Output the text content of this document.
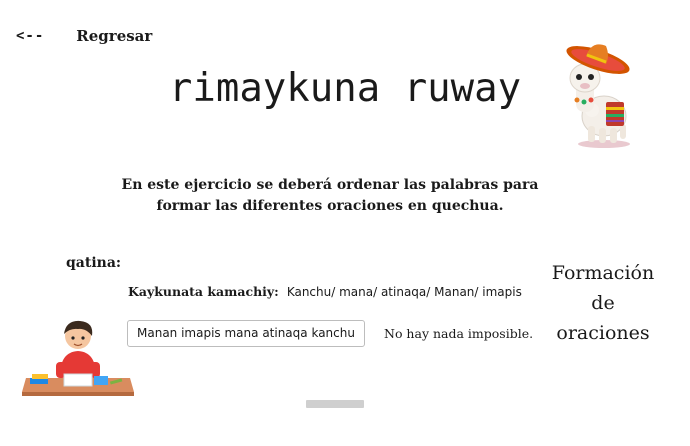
<-- Regresar
rimaykuna ruway
En este ejercicio se deberá ordenar las palabras para formar las diferentes oraciones en quechua.
qatina:
Kaykunata kamachiy: Kanchu/ mana/ atinaqa/ Manan/ imapis
Manan imapis mana atinaqa kanchu	No hay nada imposible.
Formación
de
oraciones
